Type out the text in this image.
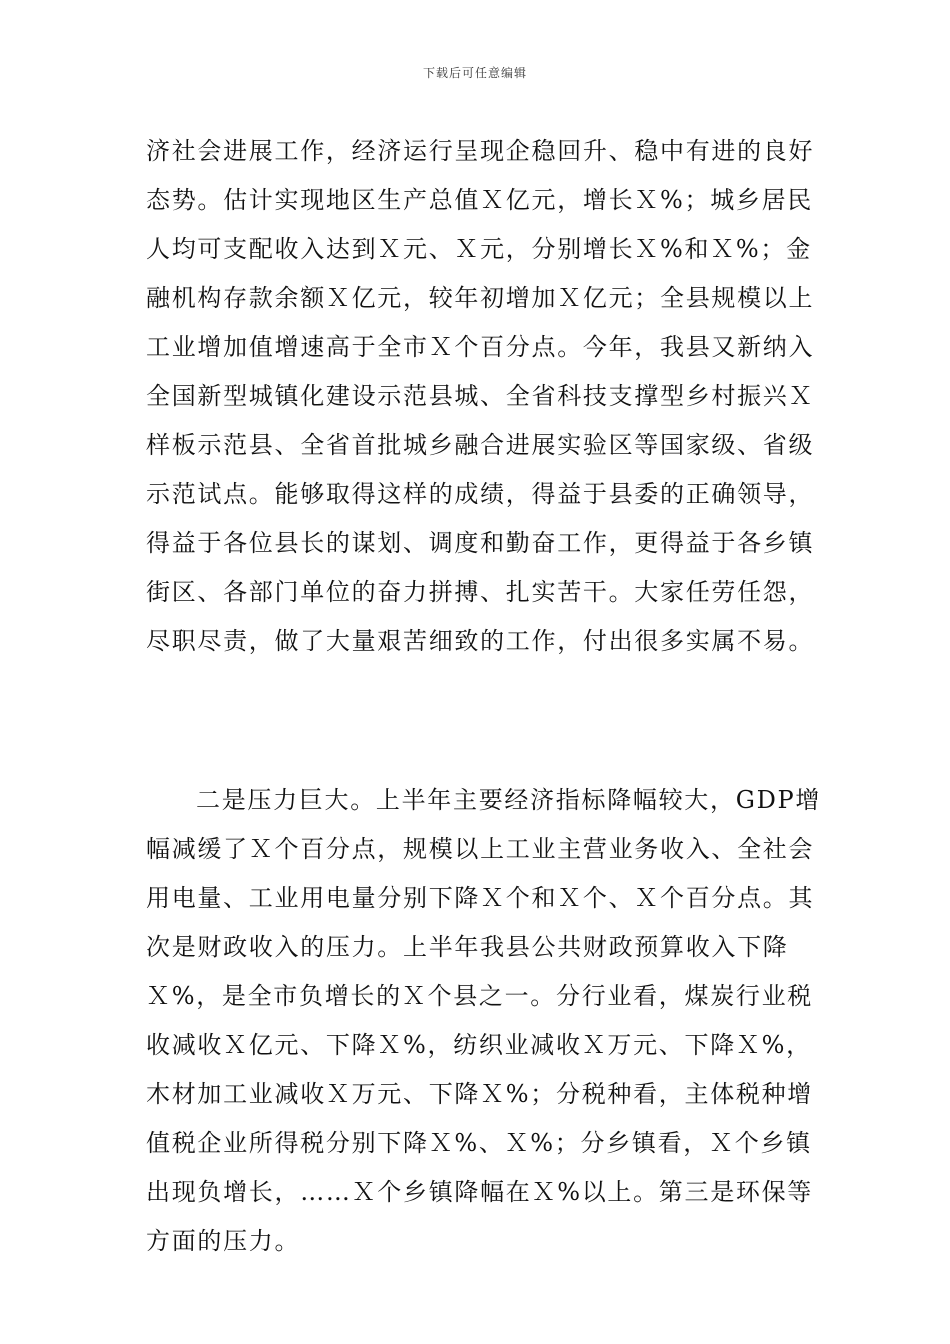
下载后可任意编辑

济社会进展工作，经济运行呈现企稳回升、稳中有进的良好态势。估计实现地区生产总值Ｘ亿元，增长Ｘ%；城乡居民人均可支配收入达到Ｘ元、Ｘ元，分别增长Ｘ%和Ｘ%；金融机构存款余额Ｘ亿元，较年初增加Ｘ亿元；全县规模以上工业增加值增速高于全市Ｘ个百分点。今年，我县又新纳入全国新型城镇化建设示范县城、全省科技支撑型乡村振兴Ｘ样板示范县、全省首批城乡融合进展实验区等国家级、省级示范试点。能够取得这样的成绩，得益于县委的正确领导，得益于各位县长的谋划、调度和勤奋工作，更得益于各乡镇街区、各部门单位的奋力拼搏、扎实苦干。大家任劳任怨，尽职尽责，做了大量艰苦细致的工作，付出很多实属不易。

二是压力巨大。上半年主要经济指标降幅较大，GDP增幅减缓了Ｘ个百分点，规模以上工业主营业务收入、全社会用电量、工业用电量分别下降Ｘ个和Ｘ个、Ｘ个百分点。其次是财政收入的压力。上半年我县公共财政预算收入下降Ｘ%，是全市负增长的Ｘ个县之一。分行业看，煤炭行业税收减收Ｘ亿元、下降Ｘ%，纺织业减收Ｘ万元、下降Ｘ%，木材加工业减收Ｘ万元、下降Ｘ%；分税种看，主体税种增值税企业所得税分别下降Ｘ%、Ｘ%；分乡镇看，Ｘ个乡镇出现负增长，……Ｘ个乡镇降幅在Ｘ%以上。第三是环保等方面的压力。
